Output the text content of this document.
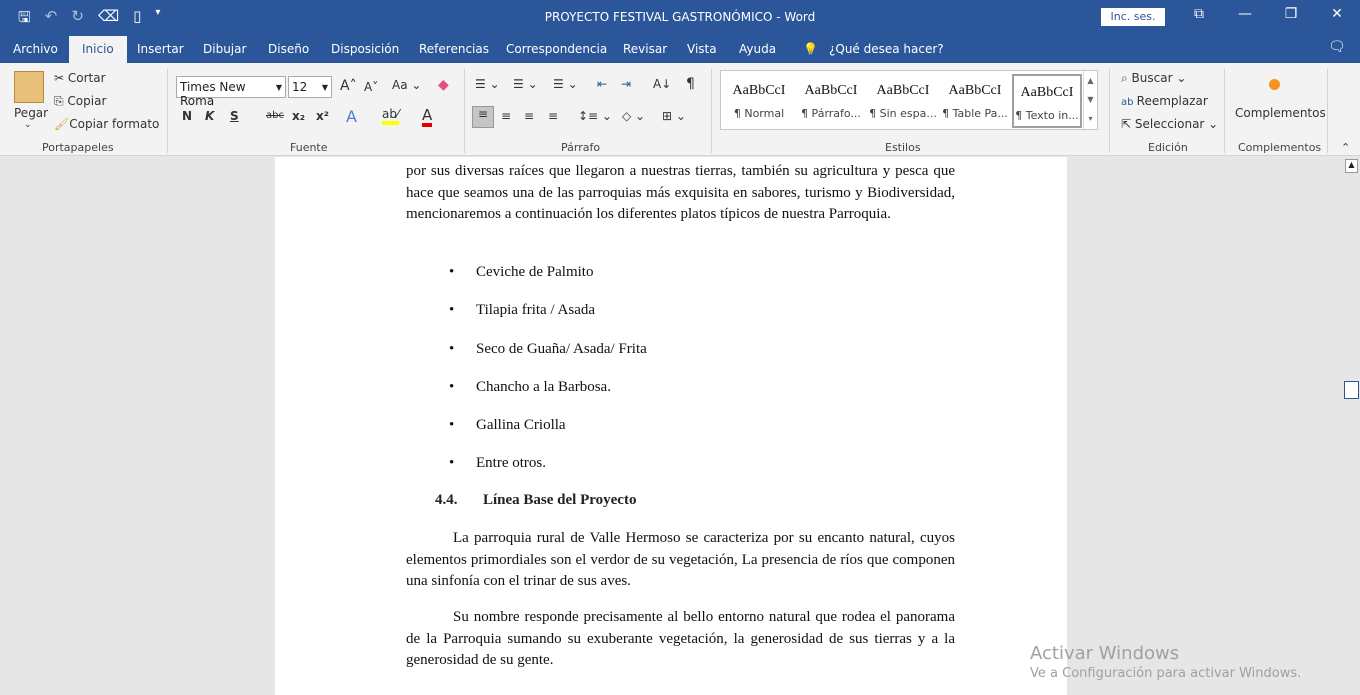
🖫 ↶ ↻ ⌫ ▯ ▾	PROYECTO FESTIVAL GASTRONÓMICO - Word	Inc. ses.	⧉	—	❐	✕
Archivo	Inicio	Insertar Dibujar Diseño Disposición Referencias Correspondencia Revisar Vista Ayuda 💡 ¿Qué desea hacer?	🗨
Pegar
⌄
✂ Cortar
⎘ Copiar
🖌Copiar formato
Portapapeles
Times New Roma
▼ 12 ▼ A˄ A˅ Aa ⌄ ◆
N K S	abc x₂ x² A ab⁄ A
Fuente
☰ ⌄ ☰ ⌄ ☰ ⌄ ⇤ ⇥ A↓ ¶
≡	≡ ≡ ≡ ↕≡ ⌄ ◇ ⌄ ⊞ ⌄
Párrafo
AaBbCcI
¶ Normal
AaBbCcI
¶ Párrafo...
AaBbCcI
¶ Sin espa...
AaBbCcI
¶ Table Pa...
AaBbCcI
¶ Texto in...
▲
▼
▾
Estilos
⌕ Buscar ⌄
ab Reemplazar
⇱ Seleccionar ⌄
Edición
Complementos
Complementos ⌃
por sus diversas raíces que llegaron a nuestras tierras, también su agricultura y pesca que hace que seamos una de las parroquias más exquisita en sabores, turismo y Biodiversidad, mencionaremos a continuación los diferentes platos típicos de nuestra Parroquia.
• Ceviche de Palmito
• Tilapia frita / Asada
• Seco de Guaña/ Asada/ Frita
• Chancho a la Barbosa.
• Gallina Criolla
• Entre otros.
4.4. Línea Base del Proyecto
La parroquia rural de Valle Hermoso se caracteriza por su encanto natural, cuyos elementos primordiales son el verdor de su vegetación, La presencia de ríos que componen una sinfonía con el trinar de sus aves.
Su nombre responde precisamente al bello entorno natural que rodea el panorama de la Parroquia sumando su exuberante vegetación, la generosidad de sus tierras y a la generosidad de su gente.
▲
Activar Windows
Ve a Configuración para activar Windows.
